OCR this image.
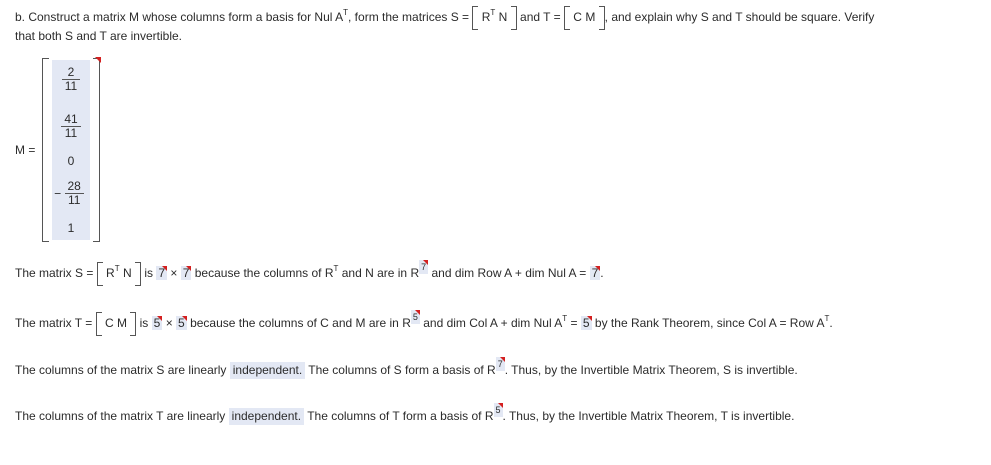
b. Construct a matrix M whose columns form a basis for Nul $A^T$, form the matrices $S = R^T$ N and T = C M , and explain why S and T should be square. Verify
that both S and T are invertible.
M =
$\frac{2}{11}$
$\frac{41}{11}$
0
− $\frac{28}{11}$
1
The matrix $S = R^T$ N is 7 × 7 because the columns of $R^T$ and N are in R 7 and dim Row A + dim Nul A = 7 .
The matrix T = C M is 5 × 5 because the columns of C and M are in R 5 and dim Col A + dim Nul $A^T = 5$ by the Rank Theorem, since Col A = Row $A^T$.
The columns of the matrix S are linearly independent. The columns of S form a basis of R 7 . Thus, by the Invertible Matrix Theorem, S is invertible.
The columns of the matrix T are linearly independent. The columns of T form a basis of R 5 . Thus, by the Invertible Matrix Theorem, T is invertible.
